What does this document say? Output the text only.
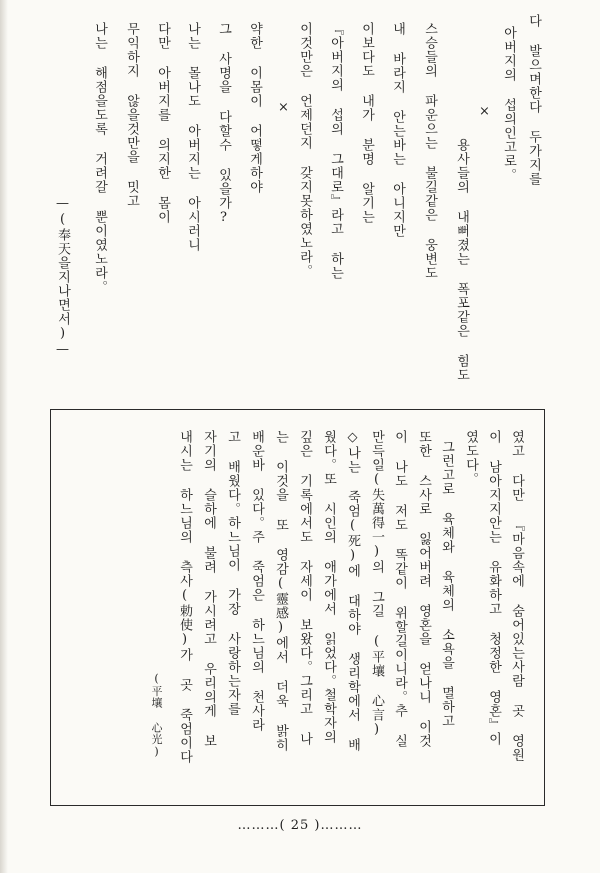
다 발으며한다 두가지를
아버지의 섭의인고로。
×
용사들의 내뻐졌는 폭포같은 힘도
스승들의 파운으는 불길같은 웅변도
내 바라지 안는바는 아니지만
이보다도 내가 분명 알기는
『아버지의 섭의 그대로』라고 하는
이것만은 언제던지 갖지못하였노라。
×
약한 이몸이 어떻게하야
그 사명을 다할수 있을가?
나는 몰나도 아버지는 아시러니
다만 아버지를 의지한 몸이
무익하지 않을것만을 밋고
나는 해점을도록 거려갈 뿐이였노라。
—(奉天을지나면서)—
였고 다만 『마음속에 숨어있는사람 곳 영원
이 남아지지안는 유화하고 청정한 영혼』이
였도다。
그런고로 육체와 육체의 소욕을 멸하고
또한 스사로 잃어버려 영혼을 얻나니 이것
이 나도 저도 똑같이 위할길이니라。추 실
만득일(失萬得一)의 그길 (平壤 心言)
◇나는 죽엄(死)에 대하야 생리학에서 배
웠다。또 시인의 애가에서 읽었다。철학자의
깊은 기록에서도 자세이 보왔다。그리고 나
는 이것을 또 영감(靈感)에서 더욱 밝히
배운바 있다。주 죽엄은 하느님의 천사라
고 배웠다。하느님이 가장 사랑하는자를
자기의 슬하에 불려 가시려고 우리의게 보
내시는 하느님의 측사(勅使)가 곳 죽엄이다
(平壤 心光)
………( 25 )………
